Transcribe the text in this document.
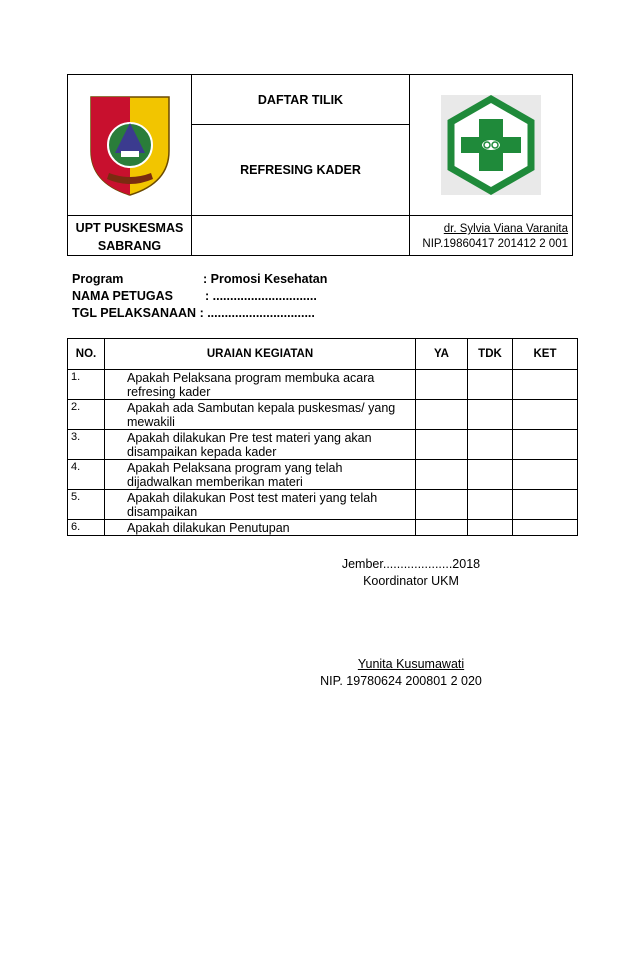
DAFTAR TILIK
REFRESING KADER
UPT PUSKESMAS
SABRANG
dr. Sylvia Viana Varanita
NIP.19860417 201412 2 001
Program	: Promosi Kesehatan
NAMA PETUGAS	: ..............................
TGL PELAKSANAAN : ...............................
NO.	URAIAN KEGIATAN	YA	TDK	KET
1.	Apakah Pelaksana program membuka acara refresing kader			
2.	Apakah ada Sambutan kepala puskesmas/ yang mewakili			
3.	Apakah dilakukan Pre test materi yang akan disampaikan kepada kader			
4.	Apakah Pelaksana program yang telah dijadwalkan memberikan materi			
5.	Apakah dilakukan Post test materi yang telah disampaikan			
6.	Apakah dilakukan Penutupan			
Jember....................2018
Koordinator UKM
Yunita Kusumawati
NIP. 19780624 200801 2 020
